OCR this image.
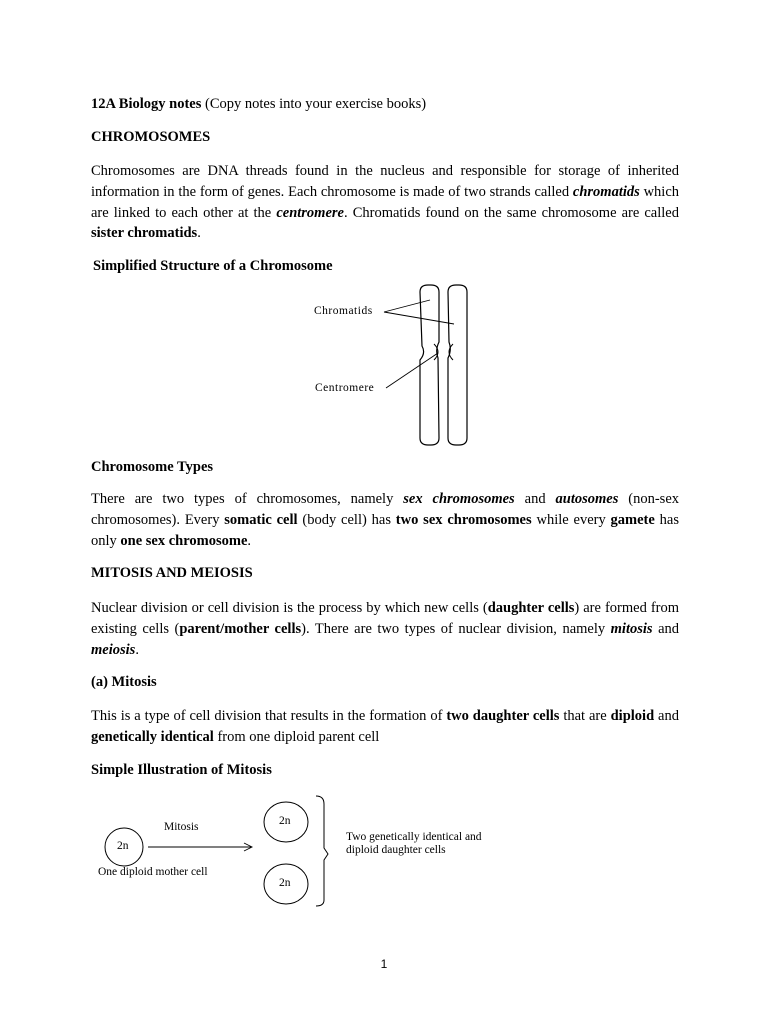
12A Biology notes (Copy notes into your exercise books)

CHROMOSOMES

Chromosomes are DNA threads found in the nucleus and responsible for storage of inherited information in the form of genes. Each chromosome is made of two strands called chromatids which are linked to each other at the centromere. Chromatids found on the same chromosome are called sister chromatids.

Simplified Structure of a Chromosome

Chromatids
Centromere

Chromosome Types

There are two types of chromosomes, namely sex chromosomes and autosomes (non-sex chromosomes). Every somatic cell (body cell) has two sex chromosomes while every gamete has only one sex chromosome.

MITOSIS AND MEIOSIS

Nuclear division or cell division is the process by which new cells (daughter cells) are formed from existing cells (parent/mother cells). There are two types of nuclear division, namely mitosis and meiosis.

(a) Mitosis

This is a type of cell division that results in the formation of two daughter cells that are diploid and genetically identical from one diploid parent cell

Simple Illustration of Mitosis

Mitosis
2n
One diploid mother cell
2n
2n
Two genetically identical and
diploid daughter cells
1
